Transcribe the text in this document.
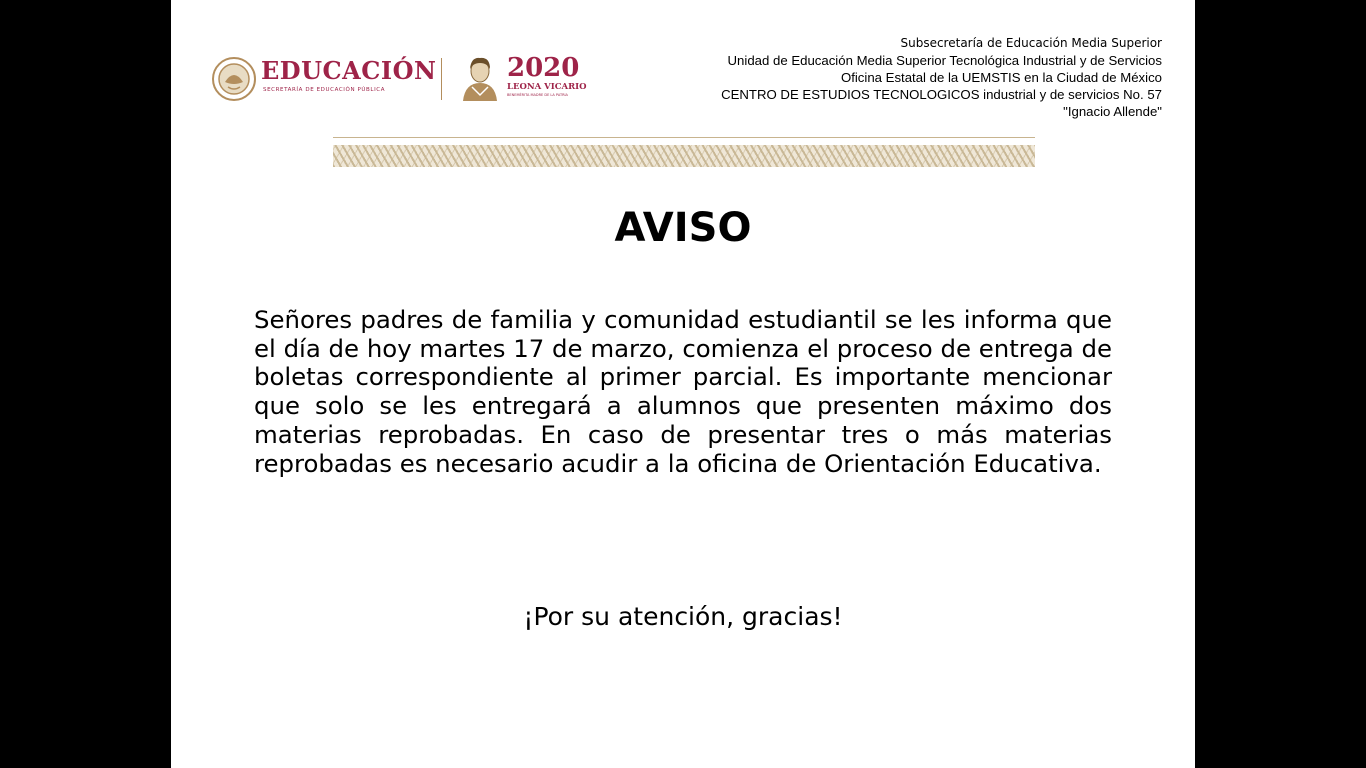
EDUCACIÓN
SECRETARÍA DE EDUCACIÓN PÚBLICA
2020
LEONA VICARIO
BENEMÉRITA MADRE DE LA PATRIA
Subsecretaría de Educación Media Superior
Unidad de Educación Media Superior Tecnológica Industrial y de Servicios
Oficina Estatal de la UEMSTIS en la Ciudad de México
CENTRO DE ESTUDIOS TECNOLOGICOS industrial y de servicios No. 57
"Ignacio Allende"
AVISO

Señores padres de familia y comunidad estudiantil se les informa que el día de hoy martes 17 de marzo, comienza el proceso de entrega de boletas correspondiente al primer parcial. Es importante mencionar que solo se les entregará a alumnos que presenten máximo dos materias reprobadas. En caso de presentar tres o más materias reprobadas es necesario acudir a la oficina de Orientación Educativa.

¡Por su atención, gracias!
